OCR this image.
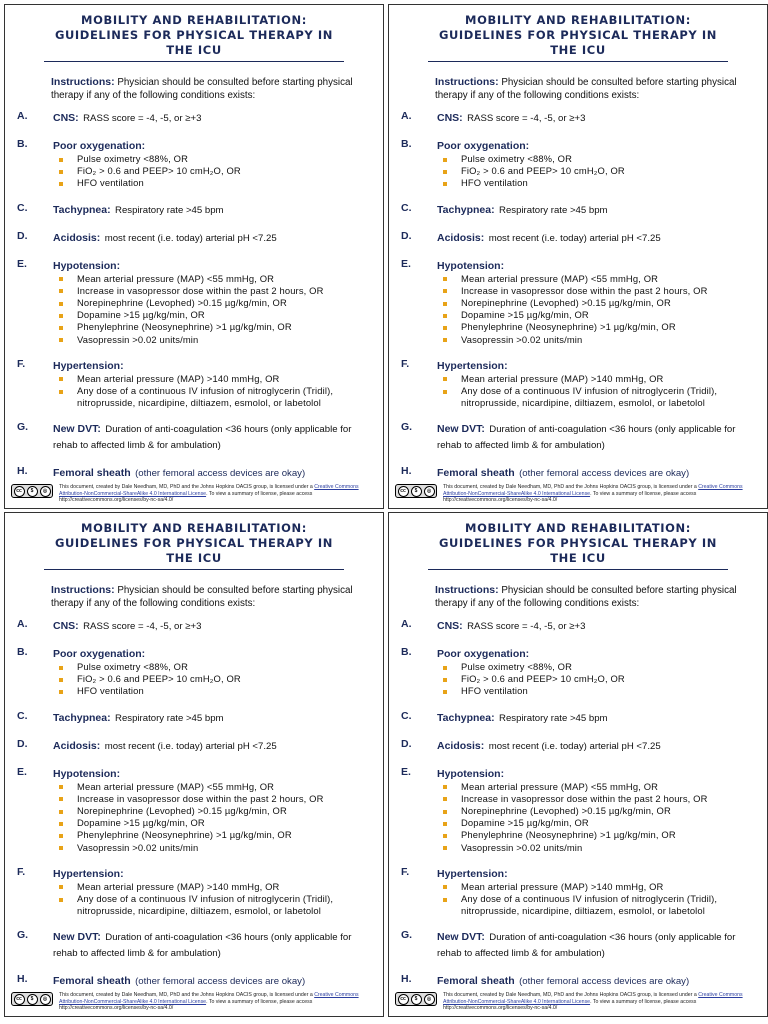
MOBILITY AND REHABILITATION:
GUIDELINES FOR PHYSICAL THERAPY IN THE ICU
Instructions: Physician should be consulted before starting physical therapy if any of the following conditions exists:
A. CNS: RASS score = -4, -5, or ≥+3
B. Poor oxygenation:
Pulse oximetry <88%, OR
FiO₂ > 0.6 and PEEP> 10 cmH₂O, OR
HFO ventilation
C. Tachypnea: Respiratory rate >45 bpm
D. Acidosis: most recent (i.e. today) arterial pH <7.25
E. Hypotension:
Mean arterial pressure (MAP) <55 mmHg, OR
Increase in vasopressor dose within the past 2 hours, OR
Norepinephrine (Levophed) >0.15 µg/kg/min, OR
Dopamine >15 µg/kg/min, OR
Phenylephrine (Neosynephrine) >1 µg/kg/min, OR
Vasopressin >0.02 units/min
F.	Hypertension:
Mean arterial pressure (MAP) >140 mmHg, OR
Any dose of a continuous IV infusion of nitroglycerin (Tridil), nitroprusside, nicardipine, diltiazem, esmolol, or labetolol
G. New DVT: Duration of anti-coagulation <36 hours (only applicable for rehab to affected limb & for ambulation)
H. Femoral sheath (other femoral access devices are okay)
cc	$	◎
This document, created by Dale Needham, MD, PhD and the Johns Hopkins OACIS group, is licensed under a Creative Commons Attribution-NonCommercial-ShareAlike 4.0 International License. To view a summary of license, please access http://creativecommons.org/licenses/by-nc-sa/4.0/
MOBILITY AND REHABILITATION:
GUIDELINES FOR PHYSICAL THERAPY IN THE ICU
Instructions: Physician should be consulted before starting physical therapy if any of the following conditions exists:
A. CNS: RASS score = -4, -5, or ≥+3
B. Poor oxygenation:
Pulse oximetry <88%, OR
FiO₂ > 0.6 and PEEP> 10 cmH₂O, OR
HFO ventilation
C. Tachypnea: Respiratory rate >45 bpm
D. Acidosis: most recent (i.e. today) arterial pH <7.25
E. Hypotension:
Mean arterial pressure (MAP) <55 mmHg, OR
Increase in vasopressor dose within the past 2 hours, OR
Norepinephrine (Levophed) >0.15 µg/kg/min, OR
Dopamine >15 µg/kg/min, OR
Phenylephrine (Neosynephrine) >1 µg/kg/min, OR
Vasopressin >0.02 units/min
F.	Hypertension:
Mean arterial pressure (MAP) >140 mmHg, OR
Any dose of a continuous IV infusion of nitroglycerin (Tridil), nitroprusside, nicardipine, diltiazem, esmolol, or labetolol
G. New DVT: Duration of anti-coagulation <36 hours (only applicable for rehab to affected limb & for ambulation)
H. Femoral sheath (other femoral access devices are okay)
cc	$	◎
This document, created by Dale Needham, MD, PhD and the Johns Hopkins OACIS group, is licensed under a Creative Commons Attribution-NonCommercial-ShareAlike 4.0 International License. To view a summary of license, please access http://creativecommons.org/licenses/by-nc-sa/4.0/
MOBILITY AND REHABILITATION:
GUIDELINES FOR PHYSICAL THERAPY IN THE ICU
Instructions: Physician should be consulted before starting physical therapy if any of the following conditions exists:
A. CNS: RASS score = -4, -5, or ≥+3
B. Poor oxygenation:
Pulse oximetry <88%, OR
FiO₂ > 0.6 and PEEP> 10 cmH₂O, OR
HFO ventilation
C. Tachypnea: Respiratory rate >45 bpm
D. Acidosis: most recent (i.e. today) arterial pH <7.25
E. Hypotension:
Mean arterial pressure (MAP) <55 mmHg, OR
Increase in vasopressor dose within the past 2 hours, OR
Norepinephrine (Levophed) >0.15 µg/kg/min, OR
Dopamine >15 µg/kg/min, OR
Phenylephrine (Neosynephrine) >1 µg/kg/min, OR
Vasopressin >0.02 units/min
F.	Hypertension:
Mean arterial pressure (MAP) >140 mmHg, OR
Any dose of a continuous IV infusion of nitroglycerin (Tridil), nitroprusside, nicardipine, diltiazem, esmolol, or labetolol
G. New DVT: Duration of anti-coagulation <36 hours (only applicable for rehab to affected limb & for ambulation)
H. Femoral sheath (other femoral access devices are okay)
cc	$	◎
This document, created by Dale Needham, MD, PhD and the Johns Hopkins OACIS group, is licensed under a Creative Commons Attribution-NonCommercial-ShareAlike 4.0 International License. To view a summary of license, please access http://creativecommons.org/licenses/by-nc-sa/4.0/
MOBILITY AND REHABILITATION:
GUIDELINES FOR PHYSICAL THERAPY IN THE ICU
Instructions: Physician should be consulted before starting physical therapy if any of the following conditions exists:
A. CNS: RASS score = -4, -5, or ≥+3
B. Poor oxygenation:
Pulse oximetry <88%, OR
FiO₂ > 0.6 and PEEP> 10 cmH₂O, OR
HFO ventilation
C. Tachypnea: Respiratory rate >45 bpm
D. Acidosis: most recent (i.e. today) arterial pH <7.25
E. Hypotension:
Mean arterial pressure (MAP) <55 mmHg, OR
Increase in vasopressor dose within the past 2 hours, OR
Norepinephrine (Levophed) >0.15 µg/kg/min, OR
Dopamine >15 µg/kg/min, OR
Phenylephrine (Neosynephrine) >1 µg/kg/min, OR
Vasopressin >0.02 units/min
F.	Hypertension:
Mean arterial pressure (MAP) >140 mmHg, OR
Any dose of a continuous IV infusion of nitroglycerin (Tridil), nitroprusside, nicardipine, diltiazem, esmolol, or labetolol
G. New DVT: Duration of anti-coagulation <36 hours (only applicable for rehab to affected limb & for ambulation)
H. Femoral sheath (other femoral access devices are okay)
cc	$	◎
This document, created by Dale Needham, MD, PhD and the Johns Hopkins OACIS group, is licensed under a Creative Commons Attribution-NonCommercial-ShareAlike 4.0 International License. To view a summary of license, please access http://creativecommons.org/licenses/by-nc-sa/4.0/
